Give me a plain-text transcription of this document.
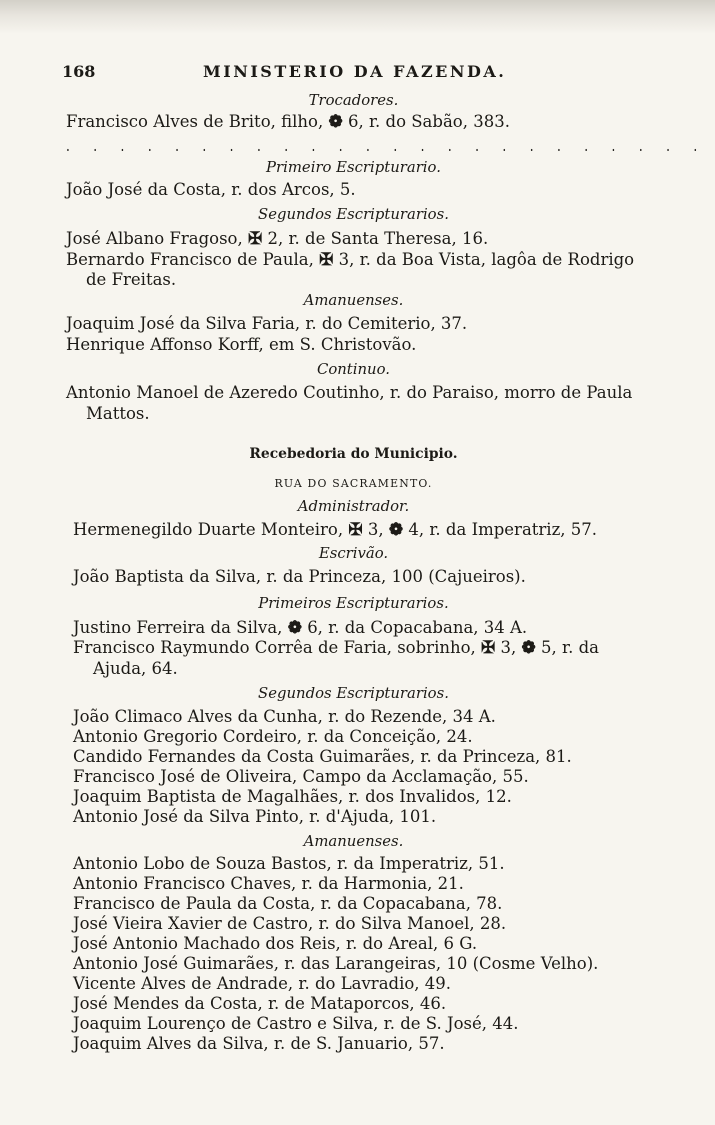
168	MINISTERIO DA FAZENDA.
Trocadores.
Francisco Alves de Brito, filho, ❁ 6, r. do Sabão, 383.
. . . . . . . . . . . . . . . . . . . . . . . .
Primeiro Escripturario.
João José da Costa, r. dos Arcos, 5.
Segundos Escripturarios.
José Albano Fragoso, ✠ 2, r. de Santa Theresa, 16.
Bernardo Francisco de Paula, ✠ 3, r. da Boa Vista, lagôa de Rodrigo
de Freitas.
Amanuenses.
Joaquim José da Silva Faria, r. do Cemiterio, 37.
Henrique Affonso Korff, em S. Christovão.
Continuo.
Antonio Manoel de Azeredo Coutinho, r. do Paraiso, morro de Paula
Mattos.
Recebedoria do Municipio.
RUA DO SACRAMENTO.
Administrador.
Hermenegildo Duarte Monteiro, ✠ 3, ❁ 4, r. da Imperatriz, 57.
Escrivão.
João Baptista da Silva, r. da Princeza, 100 (Cajueiros).
Primeiros Escripturarios.
Justino Ferreira da Silva, ❁ 6, r. da Copacabana, 34 A.
Francisco Raymundo Corrêa de Faria, sobrinho, ✠ 3, ❁ 5, r. da
Ajuda, 64.
Segundos Escripturarios.
João Climaco Alves da Cunha, r. do Rezende, 34 A.
Antonio Gregorio Cordeiro, r. da Conceição, 24.
Candido Fernandes da Costa Guimarães, r. da Princeza, 81.
Francisco José de Oliveira, Campo da Acclamação, 55.
Joaquim Baptista de Magalhães, r. dos Invalidos, 12.
Antonio José da Silva Pinto, r. d'Ajuda, 101.
Amanuenses.
Antonio Lobo de Souza Bastos, r. da Imperatriz, 51.
Antonio Francisco Chaves, r. da Harmonia, 21.
Francisco de Paula da Costa, r. da Copacabana, 78.
José Vieira Xavier de Castro, r. do Silva Manoel, 28.
José Antonio Machado dos Reis, r. do Areal, 6 G.
Antonio José Guimarães, r. das Larangeiras, 10 (Cosme Velho).
Vicente Alves de Andrade, r. do Lavradio, 49.
José Mendes da Costa, r. de Mataporcos, 46.
Joaquim Lourenço de Castro e Silva, r. de S. José, 44.
Joaquim Alves da Silva, r. de S. Januario, 57.
